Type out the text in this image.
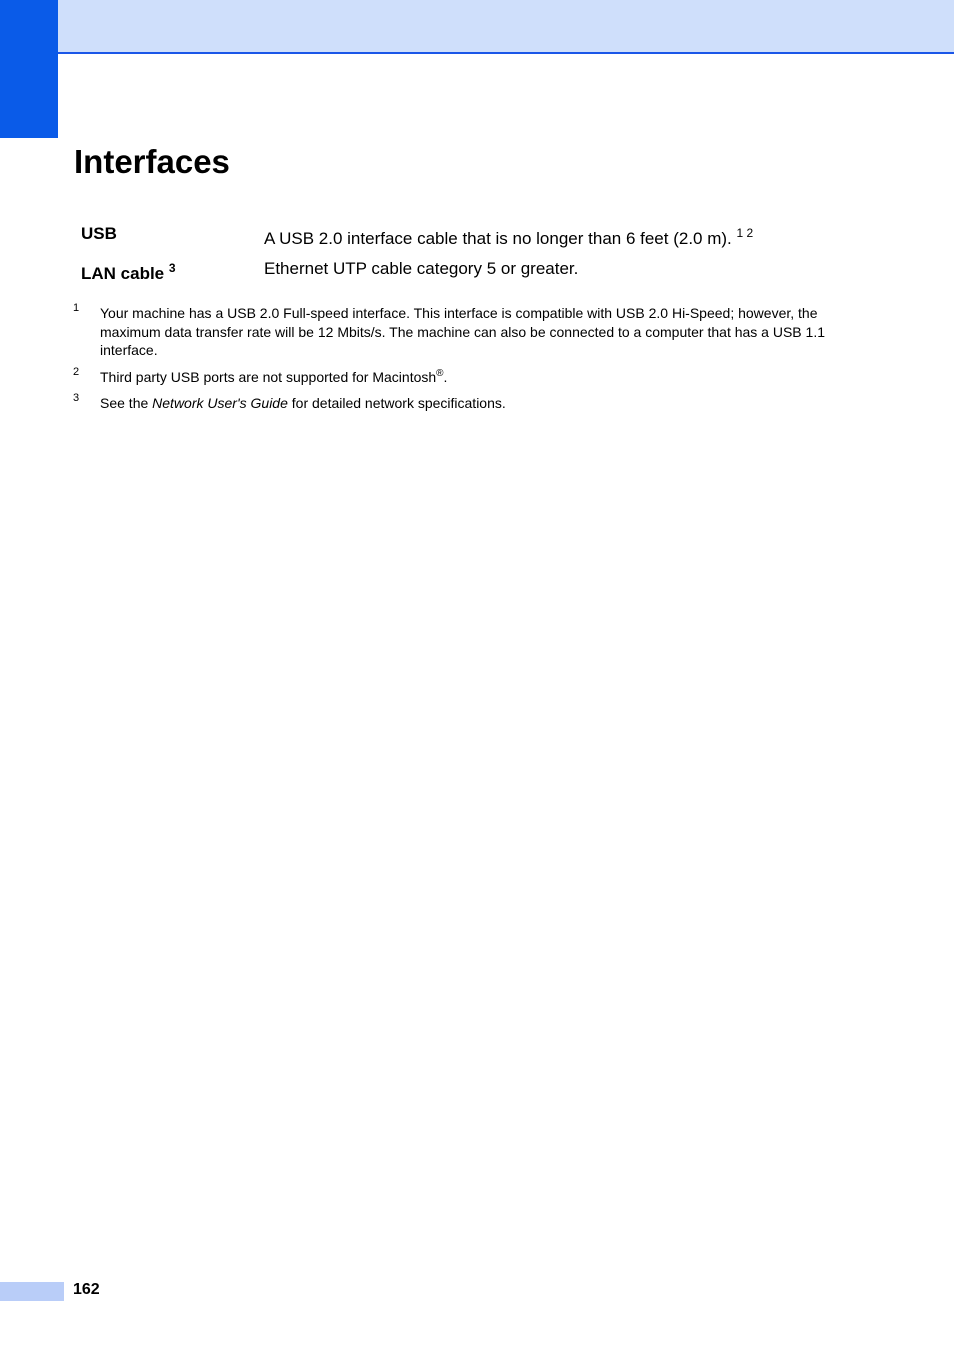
Interfaces
USB	A USB 2.0 interface cable that is no longer than 6 feet (2.0 m). $^{1 2}$
LAN cable $^3$	Ethernet UTP cable category 5 or greater.
1 Your machine has a USB 2.0 Full-speed interface. This interface is compatible with USB 2.0 Hi-Speed; however, the maximum data transfer rate will be 12 Mbits/s. The machine can also be connected to a computer that has a USB 1.1 interface.
2 Third party USB ports are not supported for Macintosh®.
3 See the Network User's Guide for detailed network specifications.
162
